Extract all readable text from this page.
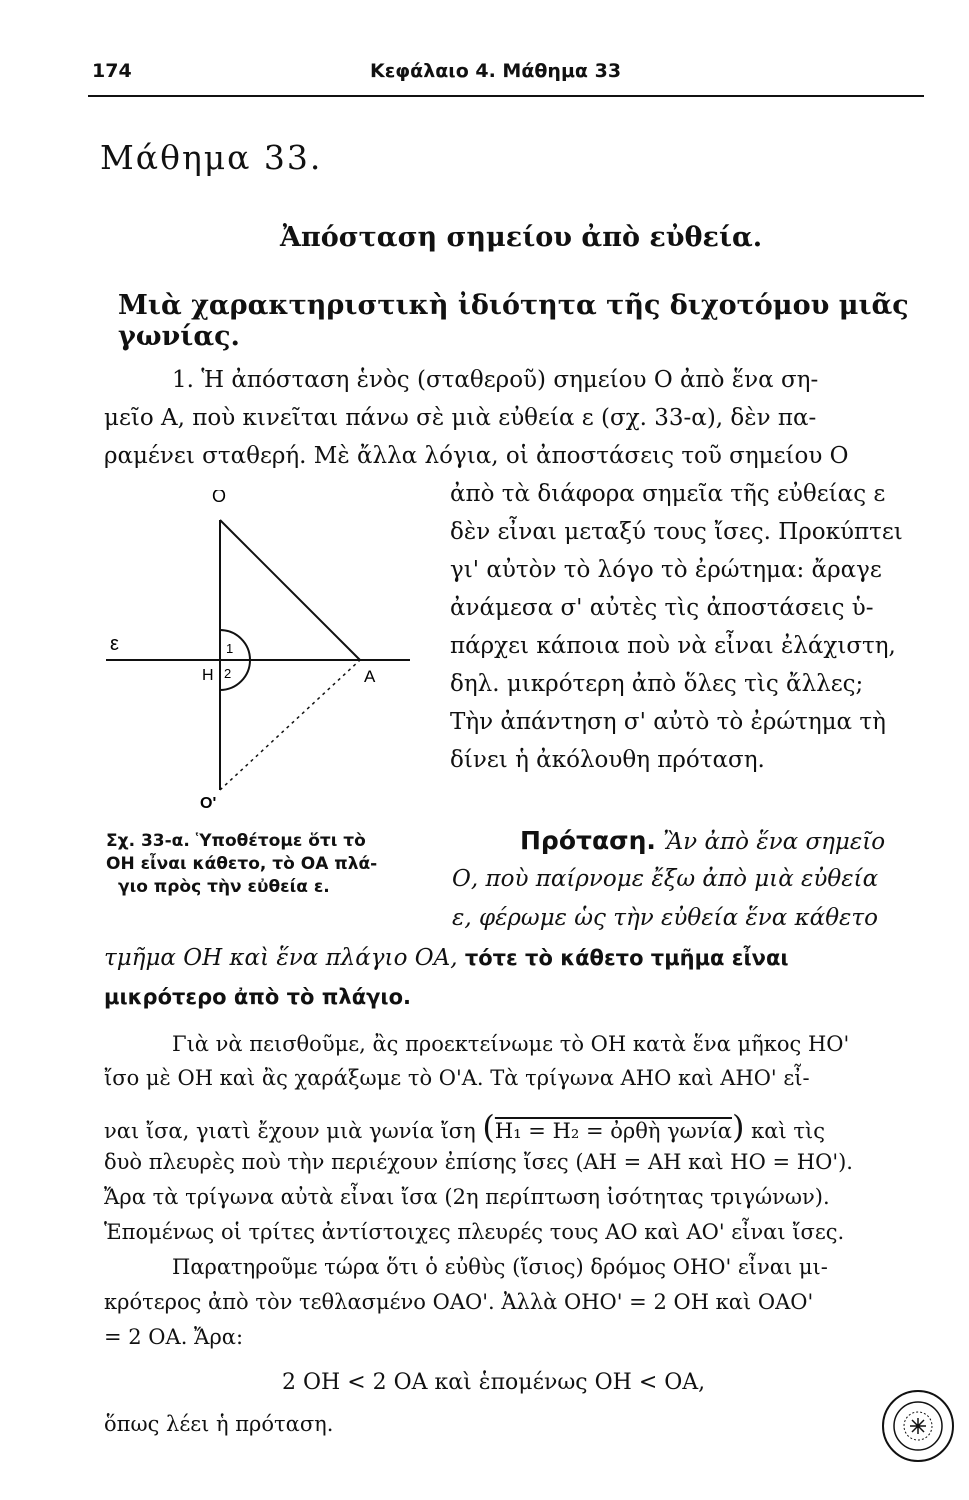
174	Κεφάλαιο 4. Μάθημα 33
Μάθημα 33.
Ἀπόσταση σημείου ἀπὸ εὐθεία.
Μιὰ χαρακτηριστικὴ ἰδιότητα τῆς διχοτόμου μιᾶς γωνίας.
1. Ἡ ἀπόσταση ἑνὸς (σταθεροῦ) σημείου Ο ἀπὸ ἕνα ση-
μεῖο Α, ποὺ κινεῖται πάνω σὲ μιὰ εὐθεία ε (σχ. 33-α), δὲν πα-
ραμένει σταθερή. Μὲ ἄλλα λόγια, οἱ ἀποστάσεις τοῦ σημείου Ο
ἀπὸ τὰ διάφορα σημεῖα τῆς εὐθείας ε
δὲν εἶναι μεταξύ τους ἴσες. Προκύπτει
γι' αὐτὸν τὸ λόγο τὸ ἐρώτημα: ἄραγε
ἀνάμεσα σ' αὐτὲς τὶς ἀποστάσεις ὑ-
πάρχει κάποια ποὺ νὰ εἶναι ἐλάχιστη,
δηλ. μικρότερη ἀπὸ ὅλες τὶς ἄλλες;
Τὴν ἀπάντηση σ' αὐτὸ τὸ ἐρώτημα τὴ
δίνει ἡ ἀκόλουθη πρόταση.
O
ε
H
1
2	A
O'
Σχ. 33-α. Ὑποθέτομε ὅτι τὸ
ΟΗ εἶναι κάθετο, τὸ ΟΑ πλά-
γιο πρὸς τὴν εὐθεία ε.
Πρόταση. Ἂν ἀπὸ ἕνα σημεῖο
Ο, ποὺ παίρνομε ἔξω ἀπὸ μιὰ εὐθεία
ε, φέρωμε ὡς τὴν εὐθεία ἕνα κάθετο
τμῆμα ΟΗ καὶ ἕνα πλάγιο ΟΑ, τότε τὸ κάθετο τμῆμα εἶναι
μικρότερο ἀπὸ τὸ πλάγιο.
Γιὰ νὰ πεισθοῦμε, ἂς προεκτείνωμε τὸ ΟΗ κατὰ ἕνα μῆκος ΗΟ'
ἴσο μὲ ΟΗ καὶ ἂς χαράξωμε τὸ Ο'Α. Τὰ τρίγωνα ΑΗΟ καὶ ΑΗΟ' εἶ-
ναι ἴσα, γιατὶ ἔχουν μιὰ γωνία ἴση (Η₁ = Η₂ = ὀρθὴ γωνία) καὶ τὶς
δυὸ πλευρὲς ποὺ τὴν περιέχουν ἐπίσης ἴσες (ΑΗ = ΑΗ καὶ ΗΟ = ΗΟ').
Ἄρα τὰ τρίγωνα αὐτὰ εἶναι ἴσα (2η περίπτωση ἰσότητας τριγώνων).
Ἑπομένως οἱ τρίτες ἀντίστοιχες πλευρές τους ΑΟ καὶ ΑΟ' εἶναι ἴσες.
Παρατηροῦμε τώρα ὅτι ὁ εὐθὺς (ἴσιος) δρόμος ΟΗΟ' εἶναι μι-
κρότερος ἀπὸ τὸν τεθλασμένο ΟΑΟ'. Ἀλλὰ ΟΗΟ' = 2 ΟΗ καὶ ΟΑΟ'
= 2 ΟΑ. Ἄρα:
2 ΟΗ < 2 ΟΑ καὶ ἑπομένως ΟΗ < ΟΑ,
ὅπως λέει ἡ πρόταση.
